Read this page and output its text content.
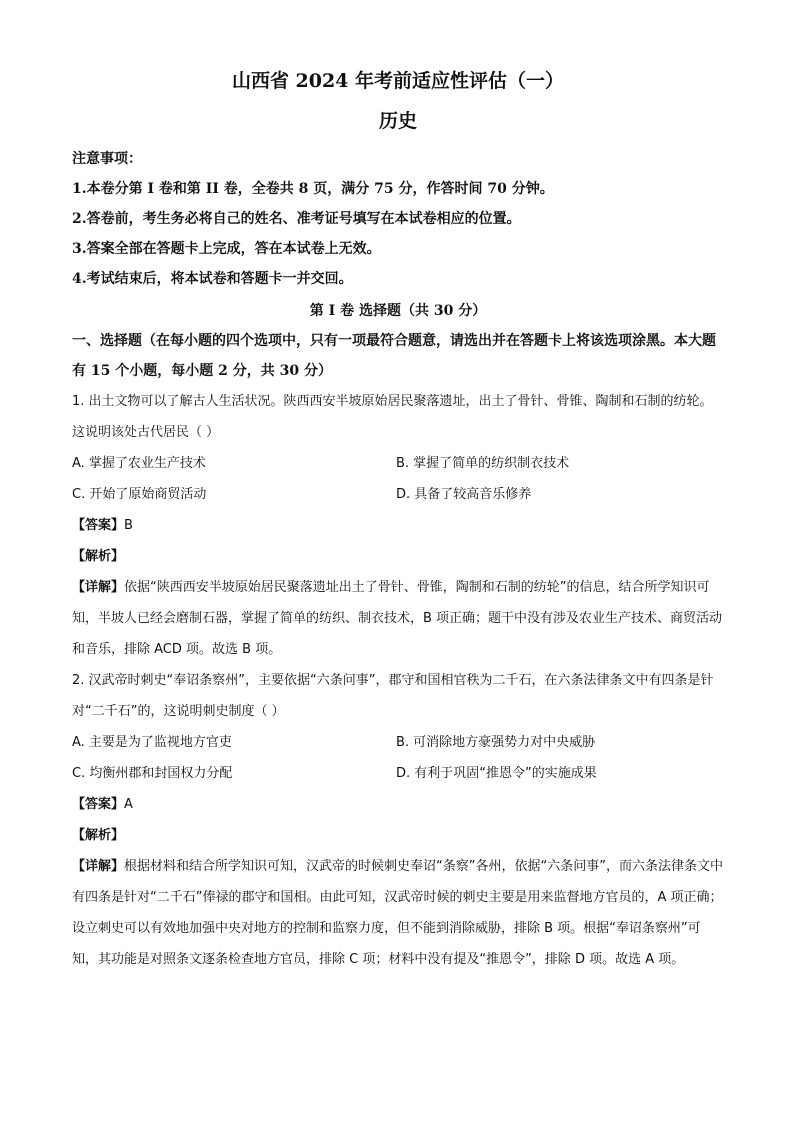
山西省 2024 年考前适应性评估（一）
历史

注意事项：

1.本卷分第 I 卷和第 II 卷，全卷共 8 页，满分 75 分，作答时间 70 分钟。

2.答卷前，考生务必将自己的姓名、准考证号填写在本试卷相应的位置。

3.答案全部在答题卡上完成，答在本试卷上无效。

4.考试结束后，将本试卷和答题卡一并交回。

第 I 卷 选择题（共 30 分）

一、选择题（在每小题的四个选项中，只有一项最符合题意，请选出并在答题卡上将该选项涂黑。本大题有 15 个小题，每小题 2 分，共 30 分）

1. 出土文物可以了解古人生活状况。陕西西安半坡原始居民聚落遗址，出土了骨针、骨锥、陶制和石制的纺轮。这说明该处古代居民（ ）

A. 掌握了农业生产技术	B. 掌握了简单的纺织制衣技术
C. 开始了原始商贸活动	D. 具备了较高音乐修养

【答案】B

【解析】

【详解】依据“陕西西安半坡原始居民聚落遗址出土了骨针、骨锥，陶制和石制的纺轮”的信息，结合所学知识可知，半坡人已经会磨制石器，掌握了简单的纺织、制衣技术，B 项正确；题干中没有涉及农业生产技术、商贸活动和音乐，排除 ACD 项。故选 B 项。

2. 汉武帝时刺史“奉诏条察州”，主要依据“六条问事”，郡守和国相官秩为二千石，在六条法律条文中有四条是针对“二千石”的，这说明刺史制度（ ）

A. 主要是为了监视地方官吏	B. 可消除地方豪强势力对中央威胁
C. 均衡州郡和封国权力分配	D. 有利于巩固“推恩令”的实施成果

【答案】A

【解析】

【详解】根据材料和结合所学知识可知，汉武帝的时候刺史奉诏“条察”各州，依据“六条问事”，而六条法律条文中有四条是针对“二千石”俸禄的郡守和国相。由此可知，汉武帝时候的刺史主要是用来监督地方官员的，A 项正确；设立刺史可以有效地加强中央对地方的控制和监察力度，但不能到消除威胁，排除 B 项。根据“奉诏条察州”可知，其功能是对照条文逐条检查地方官员，排除 C 项；材料中没有提及“推恩令”，排除 D 项。故选 A 项。
